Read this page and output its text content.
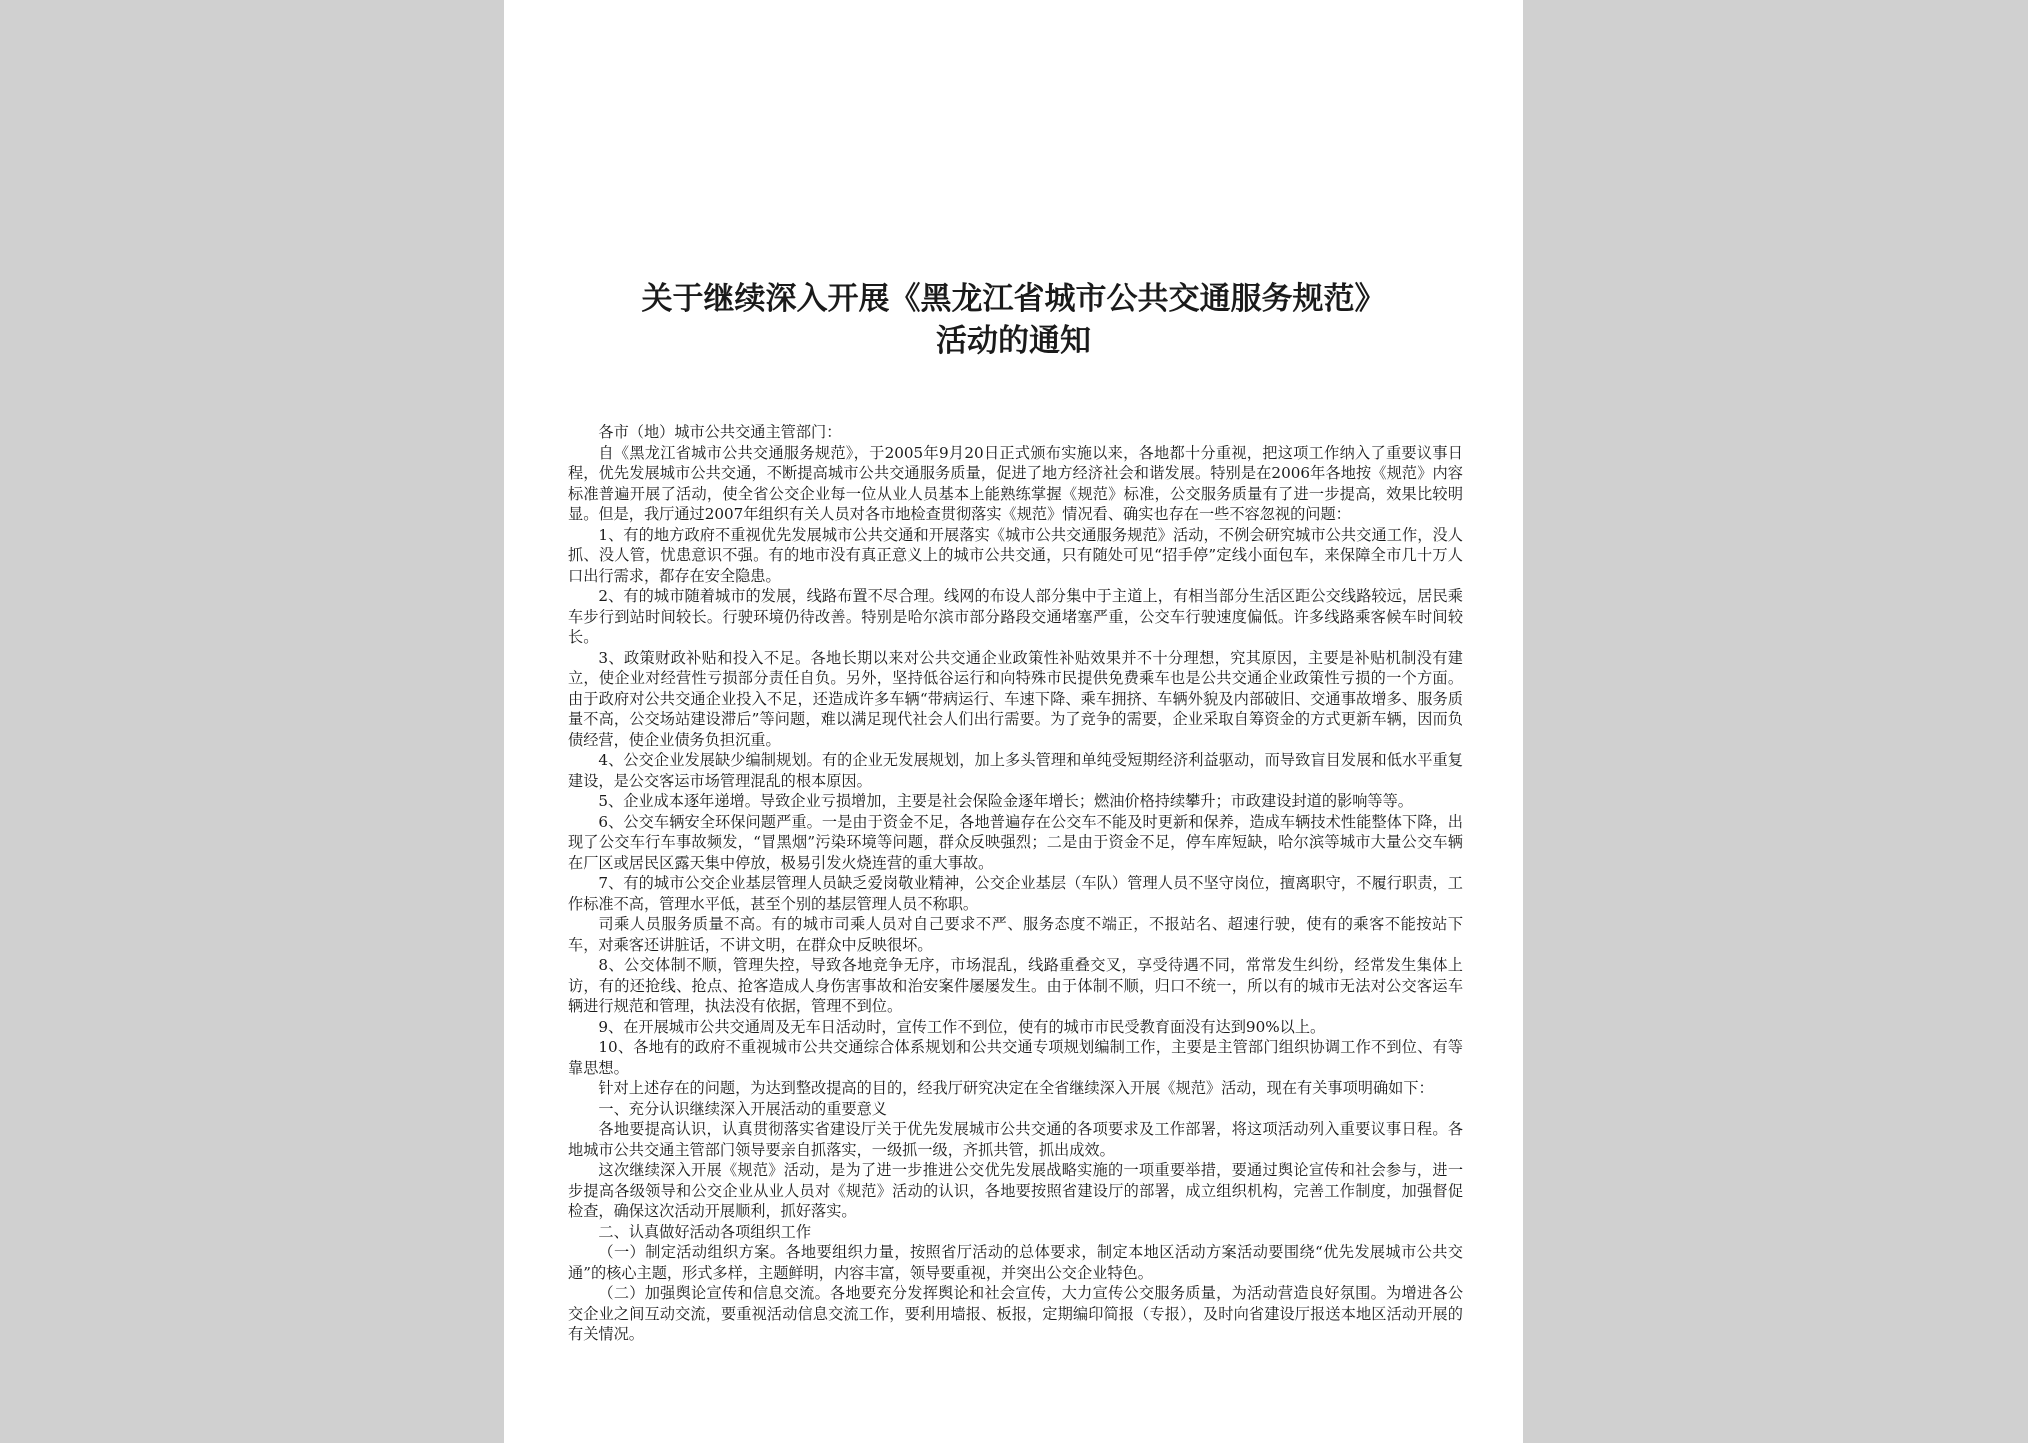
关于继续深入开展《黑龙江省城市公共交通服务规范》
活动的通知

各市（地）城市公共交通主管部门：

自《黑龙江省城市公共交通服务规范》，于2005年9月20日正式颁布实施以来，各地都十分重视，把这项工作纳入了重要议事日程，优先发展城市公共交通，不断提高城市公共交通服务质量，促进了地方经济社会和谐发展。特别是在2006年各地按《规范》内容标准普遍开展了活动，使全省公交企业每一位从业人员基本上能熟练掌握《规范》标准，公交服务质量有了进一步提高，效果比较明显。但是，我厅通过2007年组织有关人员对各市地检查贯彻落实《规范》情况看、确实也存在一些不容忽视的问题：

1、有的地方政府不重视优先发展城市公共交通和开展落实《城市公共交通服务规范》活动，不例会研究城市公共交通工作，没人抓、没人管，忧患意识不强。有的地市没有真正意义上的城市公共交通，只有随处可见“招手停”定线小面包车，来保障全市几十万人口出行需求，都存在安全隐患。

2、有的城市随着城市的发展，线路布置不尽合理。线网的布设人部分集中于主道上，有相当部分生活区距公交线路较远，居民乘车步行到站时间较长。行驶环境仍待改善。特别是哈尔滨市部分路段交通堵塞严重，公交车行驶速度偏低。许多线路乘客候车时间较长。

3、政策财政补贴和投入不足。各地长期以来对公共交通企业政策性补贴效果并不十分理想，究其原因，主要是补贴机制没有建立，使企业对经营性亏损部分责任自负。另外，坚持低谷运行和向特殊市民提供免费乘车也是公共交通企业政策性亏损的一个方面。由于政府对公共交通企业投入不足，还造成许多车辆“带病运行、车速下降、乘车拥挤、车辆外貌及内部破旧、交通事故增多、服务质量不高，公交场站建设滞后”等问题，难以满足现代社会人们出行需要。为了竞争的需要，企业采取自筹资金的方式更新车辆，因而负债经营，使企业债务负担沉重。

4、公交企业发展缺少编制规划。有的企业无发展规划，加上多头管理和单纯受短期经济利益驱动，而导致盲目发展和低水平重复建设，是公交客运市场管理混乱的根本原因。

5、企业成本逐年递增。导致企业亏损增加，主要是社会保险金逐年增长；燃油价格持续攀升；市政建设封道的影响等等。

6、公交车辆安全环保问题严重。一是由于资金不足，各地普遍存在公交车不能及时更新和保养，造成车辆技术性能整体下降，出现了公交车行车事故频发，“冒黑烟”污染环境等问题，群众反映强烈；二是由于资金不足，停车库短缺，哈尔滨等城市大量公交车辆在厂区或居民区露天集中停放，极易引发火烧连营的重大事故。

7、有的城市公交企业基层管理人员缺乏爱岗敬业精神，公交企业基层（车队）管理人员不坚守岗位，擅离职守，不履行职责，工作标准不高，管理水平低，甚至个别的基层管理人员不称职。

司乘人员服务质量不高。有的城市司乘人员对自己要求不严、服务态度不端正，不报站名、超速行驶，使有的乘客不能按站下车，对乘客还讲脏话，不讲文明，在群众中反映很坏。

8、公交体制不顺，管理失控，导致各地竞争无序，市场混乱，线路重叠交叉，享受待遇不同，常常发生纠纷，经常发生集体上访，有的还抢线、抢点、抢客造成人身伤害事故和治安案件屡屡发生。由于体制不顺，归口不统一，所以有的城市无法对公交客运车辆进行规范和管理，执法没有依据，管理不到位。

9、在开展城市公共交通周及无车日活动时，宣传工作不到位，使有的城市市民受教育面没有达到90%以上。

10、各地有的政府不重视城市公共交通综合体系规划和公共交通专项规划编制工作，主要是主管部门组织协调工作不到位、有等靠思想。

针对上述存在的问题，为达到整改提高的目的，经我厅研究决定在全省继续深入开展《规范》活动，现在有关事项明确如下：

一、充分认识继续深入开展活动的重要意义

各地要提高认识，认真贯彻落实省建设厅关于优先发展城市公共交通的各项要求及工作部署，将这项活动列入重要议事日程。各地城市公共交通主管部门领导要亲自抓落实，一级抓一级，齐抓共管，抓出成效。

这次继续深入开展《规范》活动，是为了进一步推进公交优先发展战略实施的一项重要举措，要通过舆论宣传和社会参与，进一步提高各级领导和公交企业从业人员对《规范》活动的认识，各地要按照省建设厅的部署，成立组织机构，完善工作制度，加强督促检查，确保这次活动开展顺利，抓好落实。

二、认真做好活动各项组织工作

（一）制定活动组织方案。各地要组织力量，按照省厅活动的总体要求，制定本地区活动方案活动要围绕“优先发展城市公共交通”的核心主题，形式多样，主题鲜明，内容丰富，领导要重视，并突出公交企业特色。

（二）加强舆论宣传和信息交流。各地要充分发挥舆论和社会宣传，大力宣传公交服务质量，为活动营造良好氛围。为增进各公交企业之间互动交流，要重视活动信息交流工作，要利用墙报、板报，定期编印简报（专报），及时向省建设厅报送本地区活动开展的有关情况。
